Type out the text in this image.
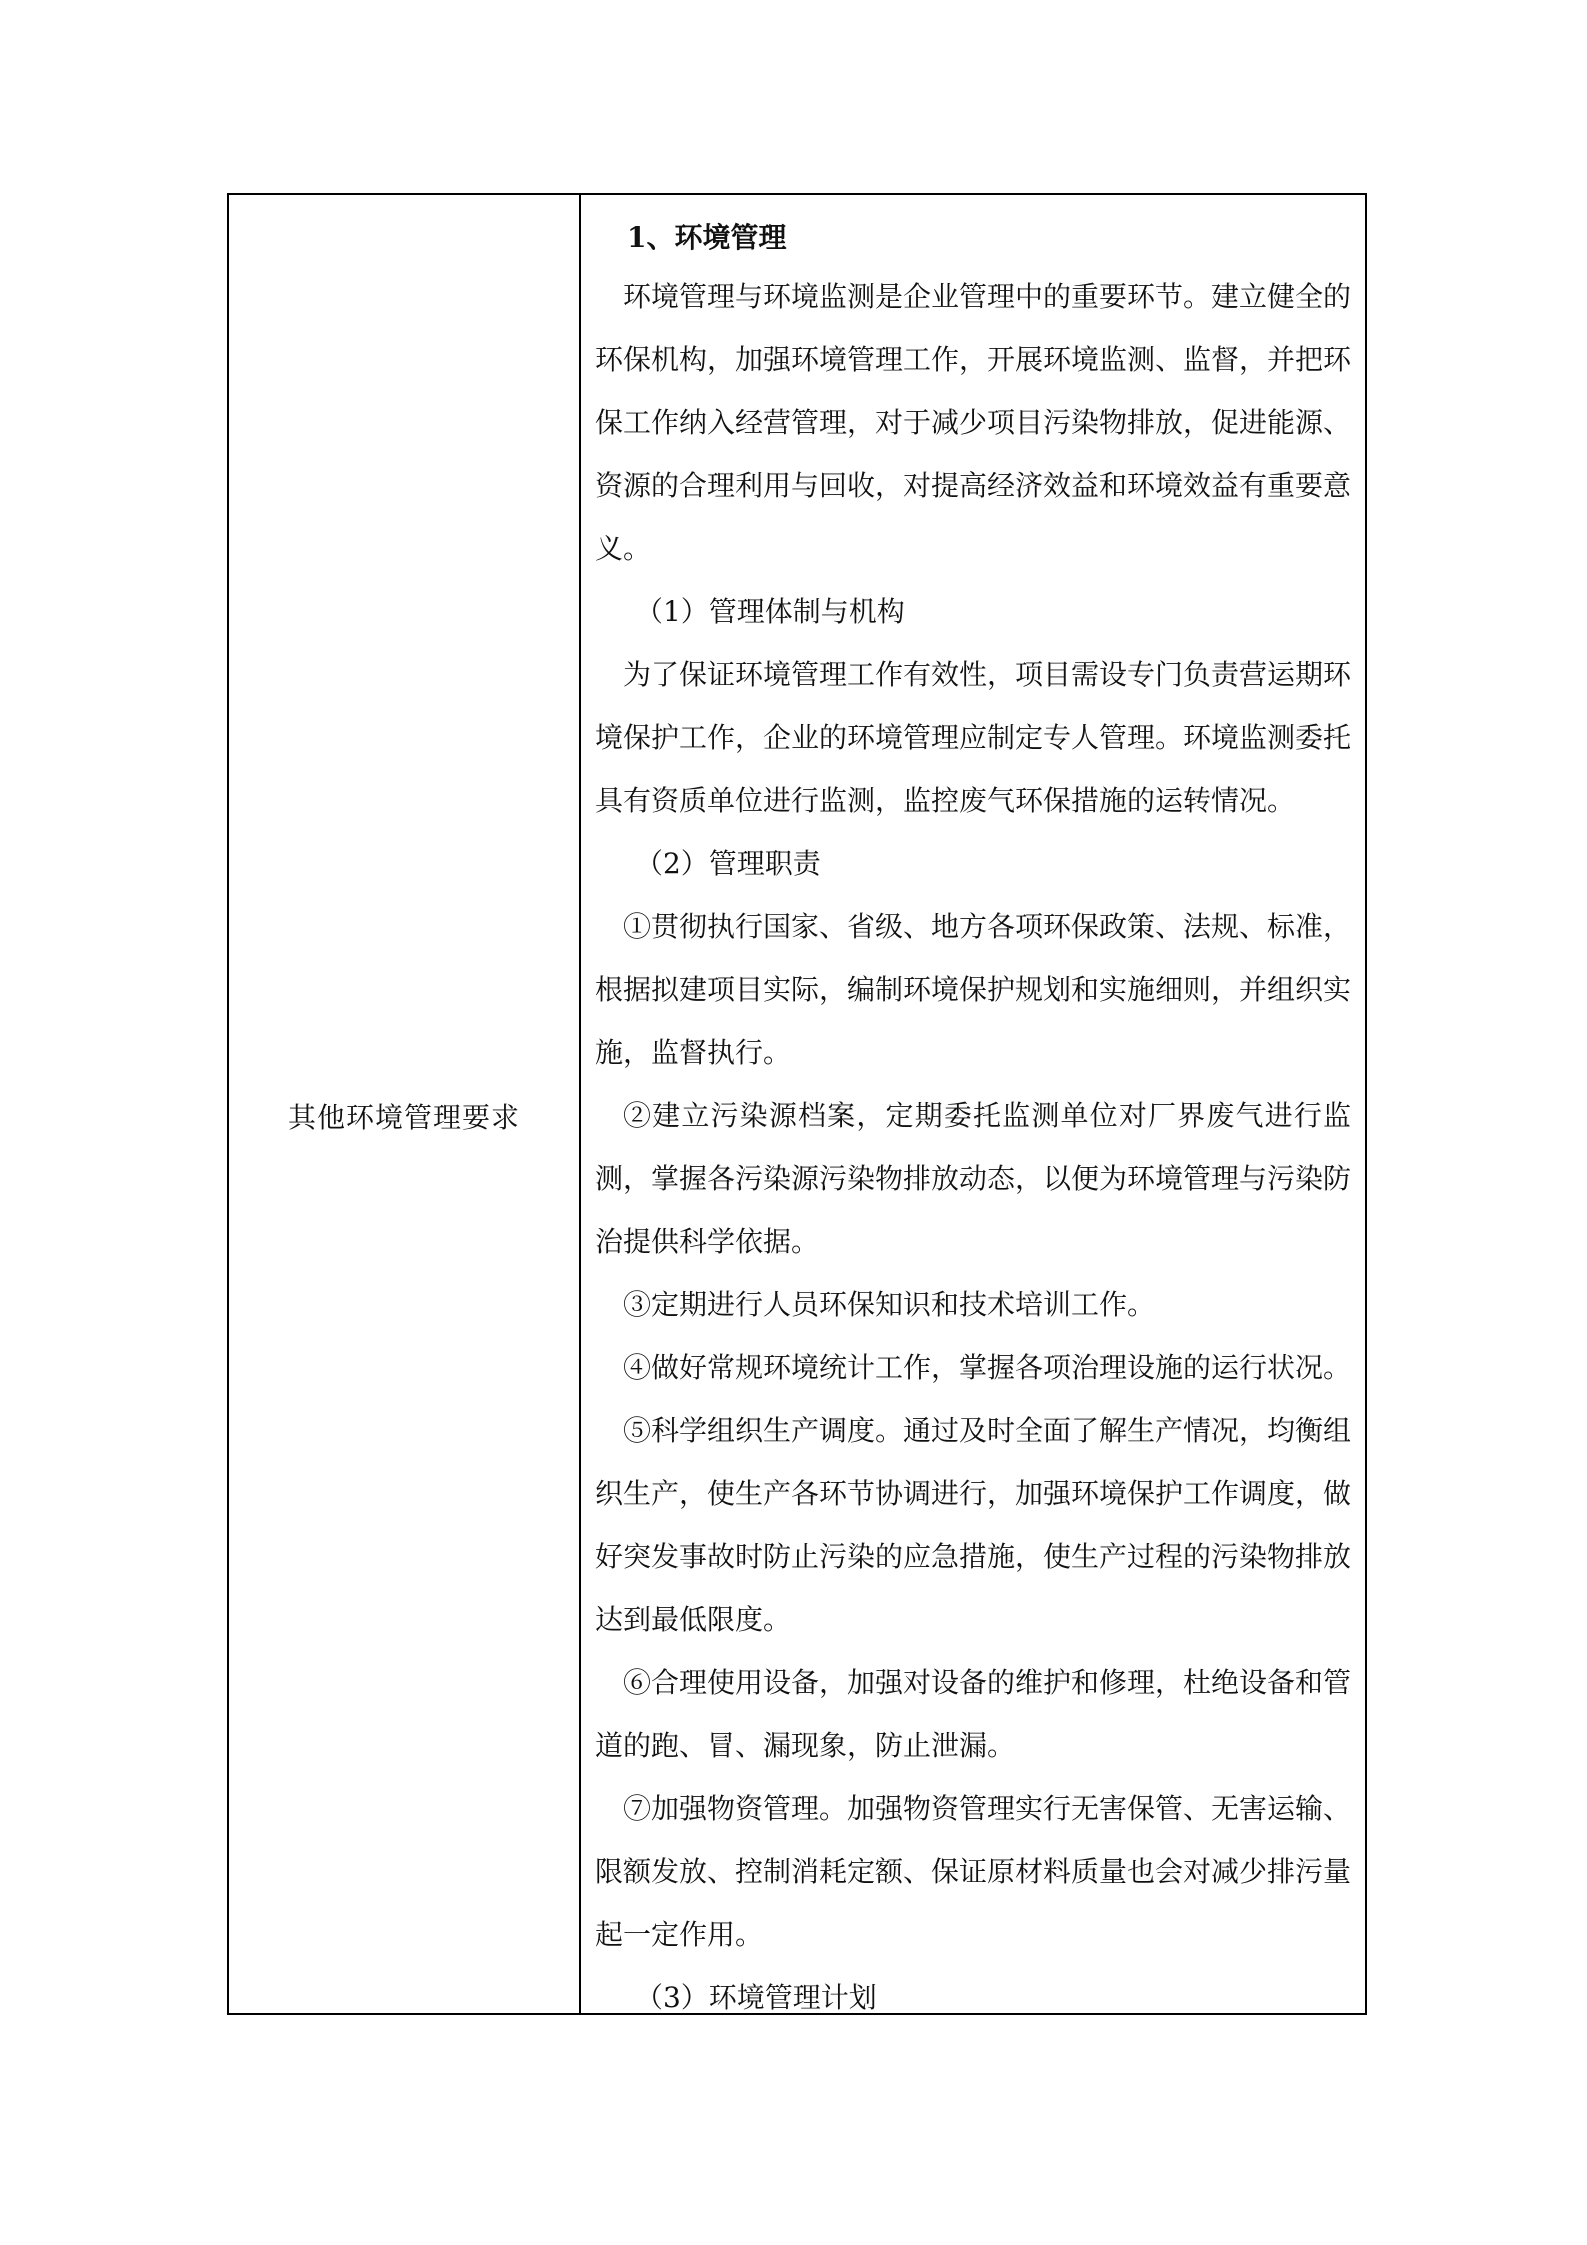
其他环境管理要求
1、环境管理
环境管理与环境监测是企业管理中的重要环节。建立健全的
环保机构，加强环境管理工作，开展环境监测、监督，并把环
保工作纳入经营管理，对于减少项目污染物排放，促进能源、
资源的合理利用与回收，对提高经济效益和环境效益有重要意
义。
（1）管理体制与机构
为了保证环境管理工作有效性，项目需设专门负责营运期环
境保护工作，企业的环境管理应制定专人管理。环境监测委托
具有资质单位进行监测，监控废气环保措施的运转情况。
（2）管理职责
①贯彻执行国家、省级、地方各项环保政策、法规、标准，
根据拟建项目实际，编制环境保护规划和实施细则，并组织实
施，监督执行。
②建立污染源档案，定期委托监测单位对厂界废气进行监
测，掌握各污染源污染物排放动态，以便为环境管理与污染防
治提供科学依据。
③定期进行人员环保知识和技术培训工作。
④做好常规环境统计工作，掌握各项治理设施的运行状况。
⑤科学组织生产调度。通过及时全面了解生产情况，均衡组
织生产，使生产各环节协调进行，加强环境保护工作调度，做
好突发事故时防止污染的应急措施，使生产过程的污染物排放
达到最低限度。
⑥合理使用设备，加强对设备的维护和修理，杜绝设备和管
道的跑、冒、漏现象，防止泄漏。
⑦加强物资管理。加强物资管理实行无害保管、无害运输、
限额发放、控制消耗定额、保证原材料质量也会对减少排污量
起一定作用。
（3）环境管理计划
